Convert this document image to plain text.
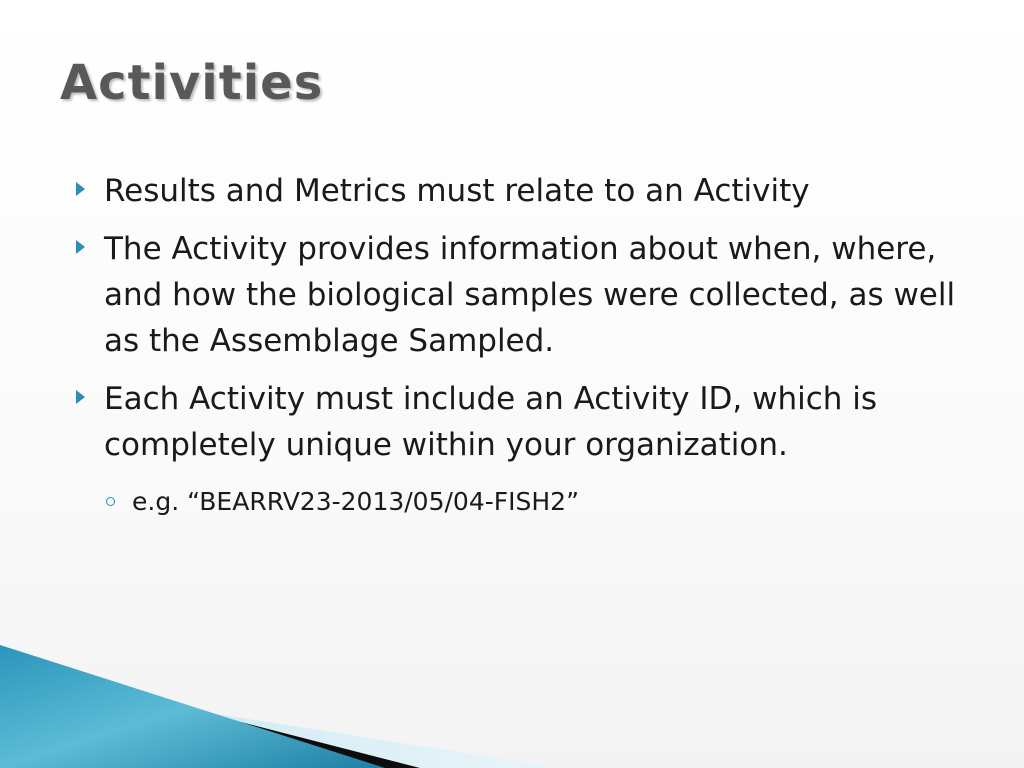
Activities
Results and Metrics must relate to an Activity
The Activity provides information about when, where, and how the biological samples were collected, as well as the Assemblage Sampled.
Each Activity must include an Activity ID, which is completely unique within your organization.
e.g. “BEARRV23-2013/05/04-FISH2”
